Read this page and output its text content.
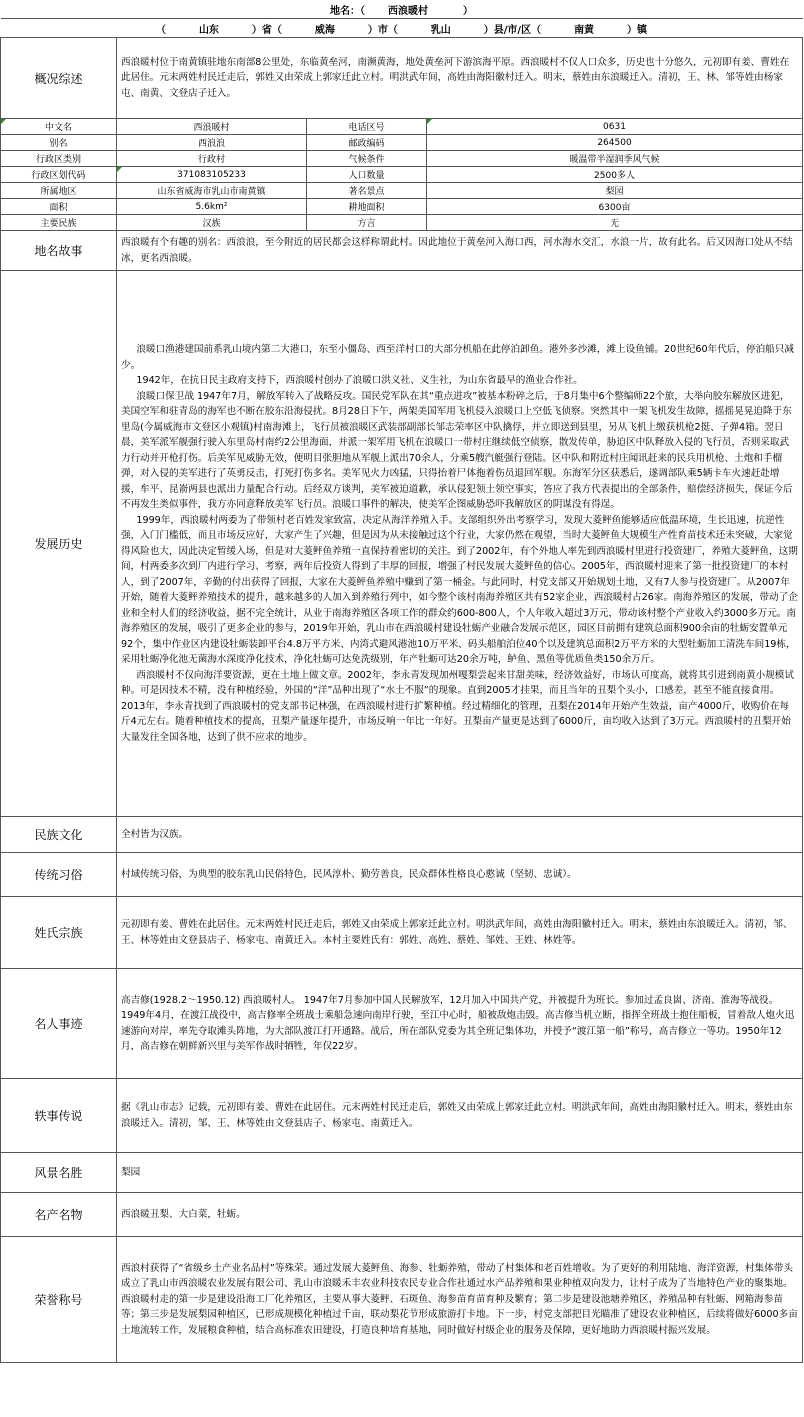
地名：（ 西浪暖村 ）			
（ 山东 ）省（ 威海 ）市（ 乳山 ）县/市/区（ 南黄 ）镇			
概况综述	西浪暖村位于南黄镇驻地东南部8公里处，东临黄垒河，南濒黄海，地处黄垒河下游滨海平原。西浪暖村不仅人口众多，历史也十分悠久，元初即有姜、曹姓在此居住。元末两姓村民迁走后，郭姓又由荣成上郭家迁此立村。明洪武年间，高姓由海阳徽村迁入。明末，蔡姓由东浪暖迁入。清初，王、林、邹等姓由杨家屯、南黄、文登店子迁入。		
中文名	西浪暖村	电话区号	0631
别名	西浪浪	邮政编码	264500
行政区类别	行政村	气候条件	暖温带半湿润季风气候
行政区划代码	371083105233	人口数量	2500多人
所属地区	山东省威海市乳山市南黄镇	著名景点	梨园
面积	5.6km²	耕地面积	6300亩
主要民族	汉族	方言	无
地名故事	西浪暖有个有趣的别名：西浪浪，至今附近的居民都会这样称谓此村。因此地位于黄垒河入海口西，河水海水交汇，水浪一片，故有此名。后又因海口处从不结冰，更名西浪暖。		
发展历史	浪暖口渔港建国前系乳山境内第二大港口，东至小僵岛、西至洋村口的大部分机船在此停泊卸鱼。港外多沙滩，滩上设鱼铺。20世纪60年代后，停泊船只减少。

1942年，在抗日民主政府支持下，西浪暖村创办了浪暖口洪义社、义生社，为山东省最早的渔业合作社。

浪暖口保卫战 1947年7月，解放军转入了战略反攻。国民党军队在其“重点进攻”被基本粉碎之后，于8月集中6个整编师22个旅，大举向胶东解放区进犯，美国空军和驻青岛的海军也不断在胶东沿海侵扰。8月28日下午，两架美国军用飞机侵入浪暖口上空低飞侦察。突然其中一架飞机发生故障，摇摇晃晃迫降于东里岛(今属威海市文登区小观镇)村南海滩上，飞行员被浪暖区武装部副部长邹志荣率区中队擒俘，并立即送到县里，另从飞机上缴获机枪2挺、子弹4箱。翌日晨，美军派军舰强行驶入东里岛村南约2公里海面，并派一架军用飞机在浪暖口一带村庄继续低空侦察，散发传单，胁迫区中队释放入侵的飞行员，否则采取武力行动并开枪打伤。后美军见威胁无效，便明目张胆地从军舰上派出70余人，分乘5艘汽艇强行登陆。区中队和附近村庄闻讯赶来的民兵用机枪、土炮和手榴弹，对入侵的美军进行了英勇反击，打死打伤多名。美军见火力凶猛，只得抬着尸体拖着伤员退回军舰。东海军分区获悉后，遂调部队乘5辆卡车火速赶赴增援，牟平、昆嵛两县也派出力量配合行动。后经双方谈判，美军被迫道歉，承认侵犯领土领空事实，答应了我方代表提出的全部条件，赔偿经济损失，保证今后不再发生类似事件，我方亦同意释放美军飞行员。浪暖口事件的解决，使美军企图威胁恐吓我解放区的阴谋没有得逞。

1999年，西浪暖村两委为了带领村老百姓发家致富，决定从海洋养殖入手。支部组织外出考察学习，发现大菱鲆鱼能够适应低温环境，生长迅速，抗逆性强，入门门槛低，而且市场反应好，大家产生了兴趣，但是因为从未接触过这个行业，大家仍然在观望，当时大菱鲆鱼大规模生产性育苗技术还未突破，大家觉得风险也大，因此决定暂缓入场，但是对大菱鲆鱼养殖一直保持着密切的关注。到了2002年，有个外地人率先到西浪暖村里进行投资建厂，养殖大菱鲆鱼，这期间，村两委多次到厂内进行学习、考察，两年后投资人得到了丰厚的回报，增强了村民发展大菱鲆鱼的信心。2005年，西浪暖村迎来了第一批投资建厂的本村人，到了2007年，辛勤的付出获得了回报，大家在大菱鲆鱼养殖中赚到了第一桶金。与此同时，村党支部又开始规划土地，又有7人参与投资建厂。从2007年开始，随着大菱鲆养殖技术的提升，越来越多的人加入到养殖行列中，如今整个该村南海养殖区共有52家企业，西浪暖村占26家。南海养殖区的发展，带动了企业和全村人们的经济收益，据不完全统计，从业于南海养殖区各项工作的群众约600-800人，个人年收入超过3万元，带动该村整个产业收入约3000多万元。南海养殖区的发展，吸引了更多企业的参与，2019年开始，乳山市在西浪暖村建设牡蛎产业融合发展示范区，园区目前拥有建筑总面积900余亩的牡蛎安置单元92个，集中作业区内建设牡蛎装卸平台4.8万平方米、内湾式避风港池10万平米、码头船舶泊位40个以及建筑总面积2万平方米的大型牡蛎加工清洗车间19栋，采用牡蛎净化池无菌海水深度净化技术，净化牡蛎可达免洗级别，年产牡蛎可达20余万吨，鲈鱼、黑鱼等优质鱼类150余万斤。

西浪暖村不仅向海洋要资源，更在土地上做文章。2002年，李永青发现加州嘎梨尝起来甘甜美味，经济效益好，市场认可度高，就将其引进到南黄小规模试种。可是因技术不精，没有种植经验，外国的“洋”品种出现了“水土不服”的现象。直到2005才挂果，而且当年的丑梨个头小，口感差，甚至不能直接食用。2013年，李永青找到了西浪暖村的党支部书记林强，在西浪暖村进行扩繁种植。经过精细化的管理，丑梨在2014年开始产生效益，亩产4000斤，收购价在每斤4元左右。随着种植技术的提高，丑梨产量逐年提升，市场反响一年比一年好。丑梨亩产量更是达到了6000斤，亩均收入达到了3万元。西浪暖村的丑梨开始大量发往全国各地，达到了供不应求的地步。		

民族文化	全村皆为汉族。		
传统习俗	村域传统习俗，为典型的胶东乳山民俗特色，民风淳朴、勤劳善良，民众群体性格良心憨诚（坚韧、忠诚）。		
姓氏宗族	元初即有姜、曹姓在此居住。元末两姓村民迁走后，郭姓又由荣成上郭家迁此立村。明洪武年间，高姓由海阳徽村迁入。明末，蔡姓由东浪暖迁入。清初，邹、王、林等姓由文登县店子、杨家屯、南黄迁入。本村主要姓氏有：郭姓、高姓、蔡姓、邹姓、王姓、林姓等。		
名人事迹	高吉修(1928.2～1950.12) 西浪暖村人。 1947年7月参加中国人民解放军，12月加入中国共产党，并被提升为班长。参加过孟良崮、济南、淮海等战役。1949年4月，在渡江战役中，高吉修率全班战士乘船急速向南岸行驶，至江中心时，船被敌炮击毁。高吉修当机立断，指挥全班战士抱住船板，冒着敌人炮火迅速游向对岸，率先夺取滩头阵地，为大部队渡江打开通路。战后，所在部队党委为其全班记集体功，并授予“渡江第一船”称号，高吉修立一等功。1950年12月，高吉修在朝鲜新兴里与美军作战时牺牲，年仅22岁。		
轶事传说	据《乳山市志》记载，元初即有姜、曹姓在此居住。元末两姓村民迁走后，郭姓又由荣成上郭家迁此立村。明洪武年间，高姓由海阳徽村迁入。明末，蔡姓由东浪暖迁入。清初，邹、王、林等姓由文登县店子、杨家屯、南黄迁入。		
风景名胜	梨园		
名产名物	西浪暖丑梨、大白菜，牡蛎。		
荣誉称号	西浪村获得了“省级乡土产业名品村”等殊荣。通过发展大菱鲆鱼、海参、牡蛎养殖，带动了村集体和老百姓增收。为了更好的利用陆地、海洋资源，村集体带头成立了乳山市西浪暖农业发展有限公司、乳山市浪暖禾丰农业科技农民专业合作社通过水产品养殖和果业种植双向发力，让村子成为了当地特色产业的聚集地。西浪暖村走的第一步是建设沿海工厂化养殖区，主要从事大菱鲆、石斑鱼、海参苗育苗育种及繁育；第二步是建设池塘养殖区，养殖品种有牡蛎、网箱海参苗等；第三步是发展梨园种植区，已形成规模化种植过千亩，联动梨花节形成旅游打卡地。下一步，村党支部把目光瞄准了建设农业种植区，后续将做好6000多亩土地流转工作，发展粮食种植，结合高标准农田建设，打造良种培育基地，同时做好村级企业的服务及保障，更好地助力西浪暖村振兴发展。		
